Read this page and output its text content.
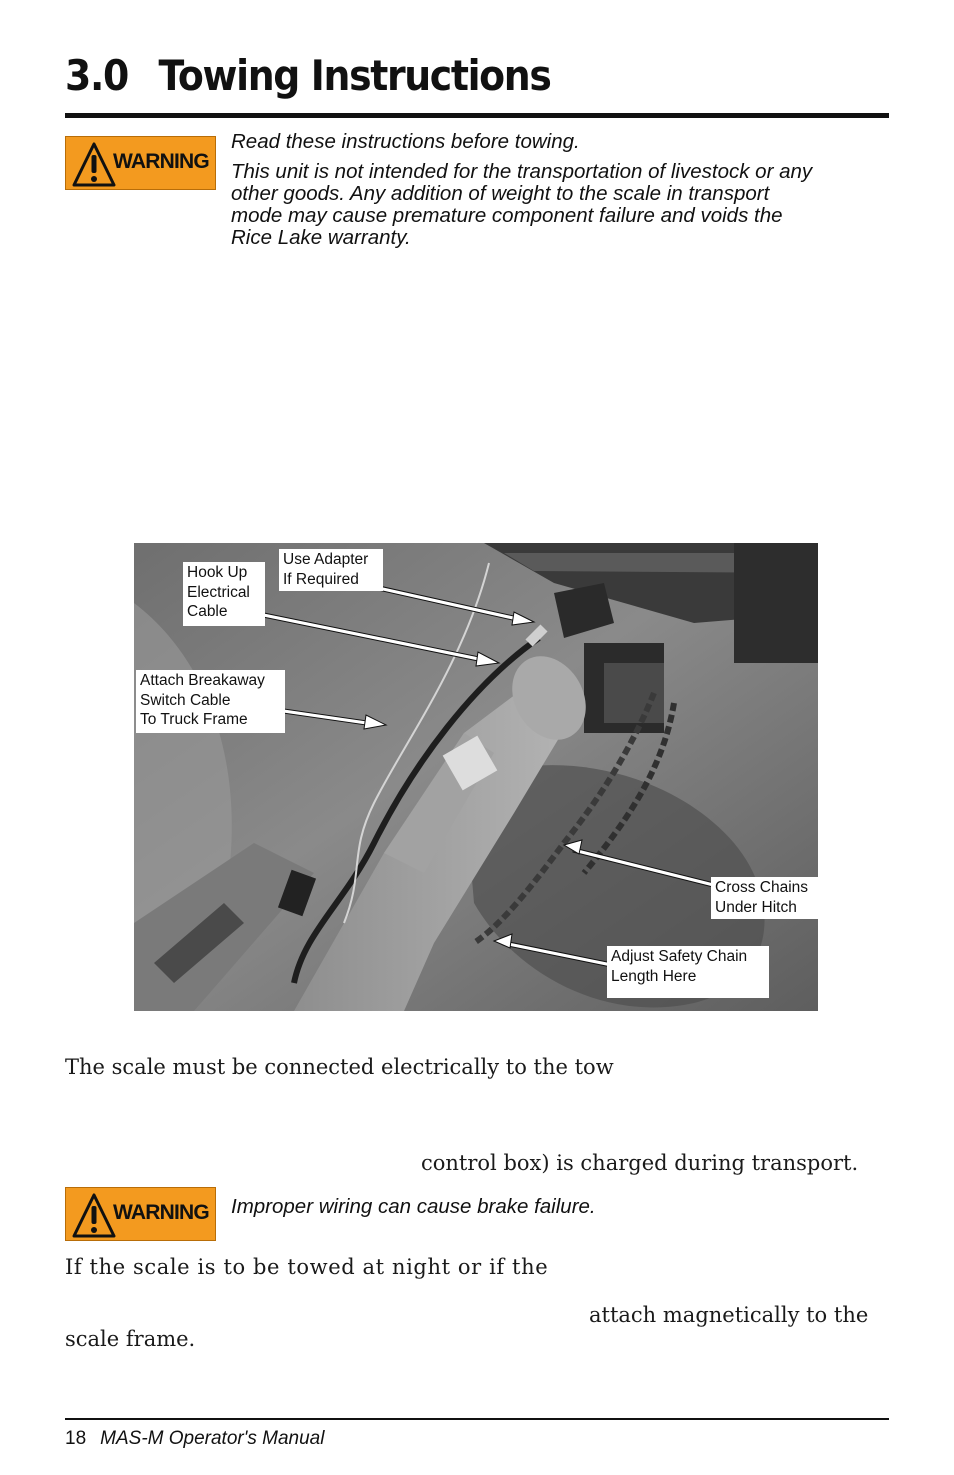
3.0 Towing Instructions
WARNING

Read these instructions before towing.

This unit is not intended for the transportation of livestock or any

other goods. Any addition of weight to the scale in transport

mode may cause premature component failure and voids the

Rice Lake warranty.

Hook Up
Electrical
Cable
Use Adapter
If Required
Attach Breakaway
Switch Cable
To Truck Frame
Cross Chains
Under Hitch
Adjust Safety Chain
Length Here
The scale must be connected electrically to the tow
control box) is charged during transport.
WARNING Improper wiring can cause brake failure.

If the scale is to be towed at night or if the
attach magnetically to the
scale frame.
18 MAS-M Operator's Manual
